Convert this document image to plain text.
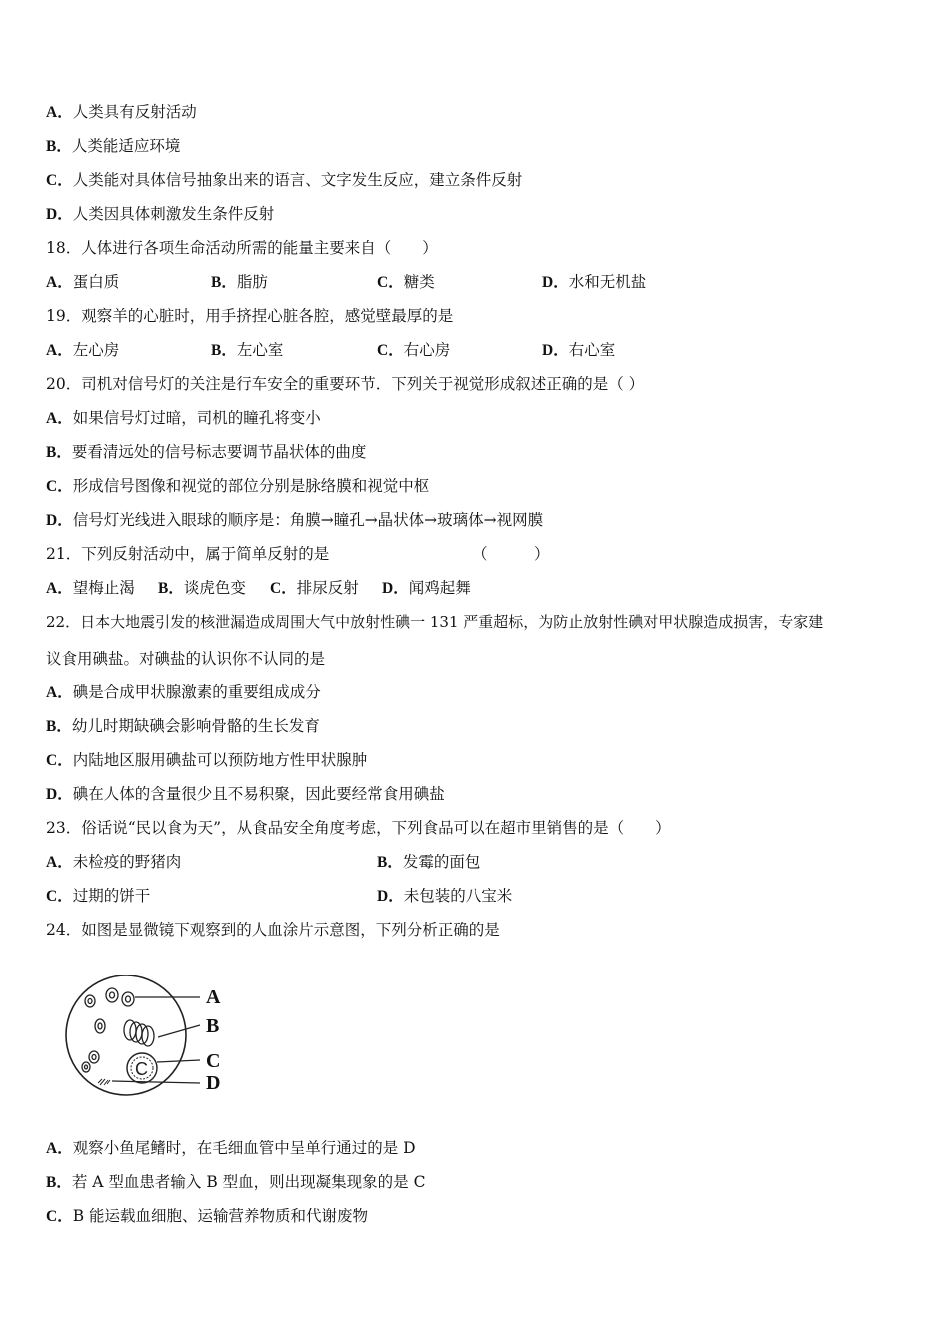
A．人类具有反射活动
B．人类能适应环境
C．人类能对具体信号抽象出来的语言、文字发生反应，建立条件反射
D．人类因具体刺激发生条件反射
18．人体进行各项生命活动所需的能量主要来自（　　）
A．蛋白质	B．脂肪	C．糖类	D．水和无机盐
19．观察羊的心脏时，用手挤捏心脏各腔，感觉壁最厚的是
A．左心房	B．左心室	C．右心房	D．右心室
20．司机对信号灯的关注是行车安全的重要环节．下列关于视觉形成叙述正确的是（ ）
A．如果信号灯过暗，司机的瞳孔将变小
B．要看清远处的信号标志要调节晶状体的曲度
C．形成信号图像和视觉的部位分别是脉络膜和视觉中枢
D．信号灯光线进入眼球的顺序是：角膜→瞳孔→晶状体→玻璃体→视网膜
21．下列反射活动中，属于简单反射的是	（　　　）
A．望梅止渴 B．谈虎色变 C．排尿反射 D．闻鸡起舞
22．日本大地震引发的核泄漏造成周围大气中放射性碘一 131 严重超标，为防止放射性碘对甲状腺造成损害，专家建
议食用碘盐。对碘盐的认识你不认同的是
A．碘是合成甲状腺激素的重要组成成分
B．幼儿时期缺碘会影响骨骼的生长发育
C．内陆地区服用碘盐可以预防地方性甲状腺肿
D．碘在人体的含量很少且不易积聚，因此要经常食用碘盐
23．俗话说“民以食为天”，从食品安全角度考虑，下列食品可以在超市里销售的是（　　）
A．未检疫的野猪肉	B．发霉的面包
C．过期的饼干	D．未包装的八宝米
24．如图是显微镜下观察到的人血涂片示意图，下列分析正确的是
C
A
B
C
D
A．观察小鱼尾鳍时，在毛细血管中呈单行通过的是 D
B．若 A 型血患者输入 B 型血，则出现凝集现象的是 C
C．B 能运载血细胞、运输营养物质和代谢废物
